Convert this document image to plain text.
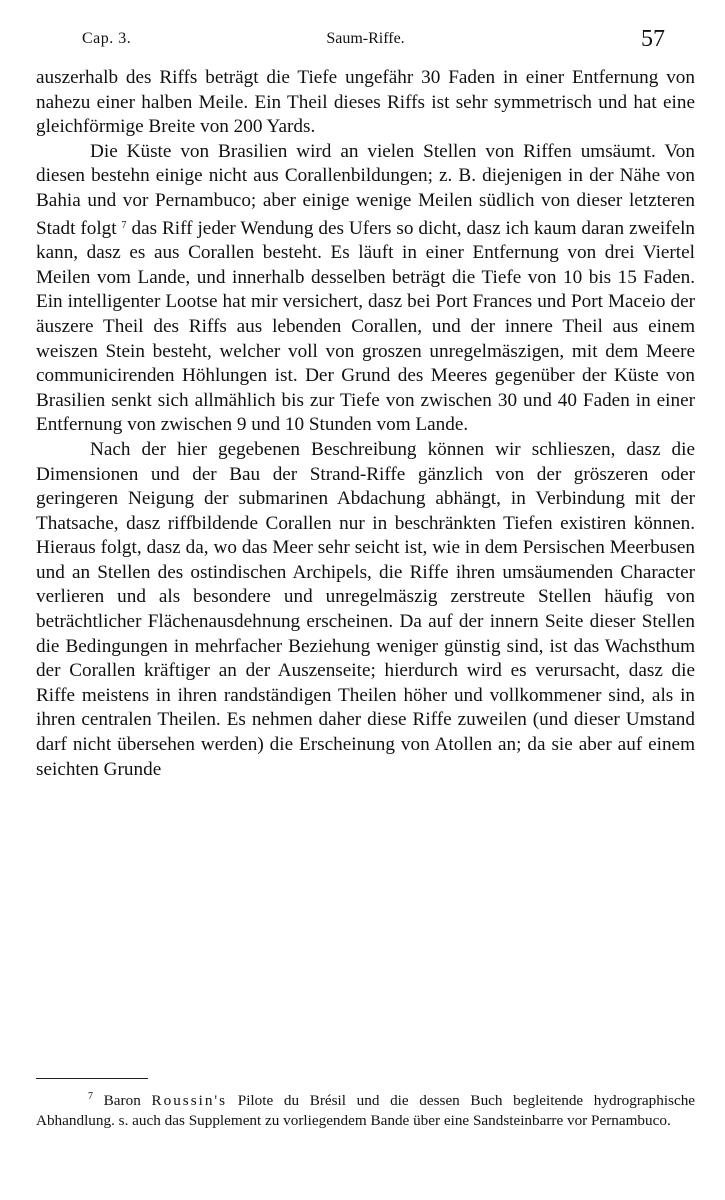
Cap. 3.	Saum-Riffe.	57

auszerhalb des Riffs beträgt die Tiefe ungefähr 30 Faden in einer Entfernung von nahezu einer halben Meile. Ein Theil dieses Riffs ist sehr symmetrisch und hat eine gleichförmige Breite von 200 Yards.

Die Küste von Brasilien wird an vielen Stellen von Riffen umsäumt. Von diesen bestehn einige nicht aus Corallenbildungen; z. B. diejenigen in der Nähe von Bahia und vor Pernambuco; aber einige wenige Meilen südlich von dieser letzteren Stadt folgt $^7$ das Riff jeder Wendung des Ufers so dicht, dasz ich kaum daran zweifeln kann, dasz es aus Corallen besteht. Es läuft in einer Entfernung von drei Viertel Meilen vom Lande, und innerhalb desselben beträgt die Tiefe von 10 bis 15 Faden. Ein intelligenter Lootse hat mir versichert, dasz bei Port Frances und Port Maceio der äuszere Theil des Riffs aus lebenden Corallen, und der innere Theil aus einem weiszen Stein besteht, welcher voll von groszen unregelmäszigen, mit dem Meere communicirenden Höhlungen ist. Der Grund des Meeres gegenüber der Küste von Brasilien senkt sich allmählich bis zur Tiefe von zwischen 30 und 40 Faden in einer Entfernung von zwischen 9 und 10 Stunden vom Lande.

Nach der hier gegebenen Beschreibung können wir schlieszen, dasz die Dimensionen und der Bau der Strand-Riffe gänzlich von der gröszeren oder geringeren Neigung der submarinen Abdachung abhängt, in Verbindung mit der Thatsache, dasz riffbildende Corallen nur in beschränkten Tiefen existiren können. Hieraus folgt, dasz da, wo das Meer sehr seicht ist, wie in dem Persischen Meerbusen und an Stellen des ostindischen Archipels, die Riffe ihren umsäumenden Character verlieren und als besondere und unregelmäszig zerstreute Stellen häufig von beträchtlicher Flächenausdehnung erscheinen. Da auf der innern Seite dieser Stellen die Bedingungen in mehrfacher Beziehung weniger günstig sind, ist das Wachsthum der Corallen kräftiger an der Auszenseite; hierdurch wird es verursacht, dasz die Riffe meistens in ihren randständigen Theilen höher und vollkommener sind, als in ihren centralen Theilen. Es nehmen daher diese Riffe zuweilen (und dieser Umstand darf nicht übersehen werden) die Erscheinung von Atollen an; da sie aber auf einem seichten Grunde

$^7$ Baron Roussin's Pilote du Brésil und die dessen Buch begleitende hydrographische Abhandlung. s. auch das Supplement zu vorliegendem Bande über eine Sandsteinbarre vor Pernambuco.
